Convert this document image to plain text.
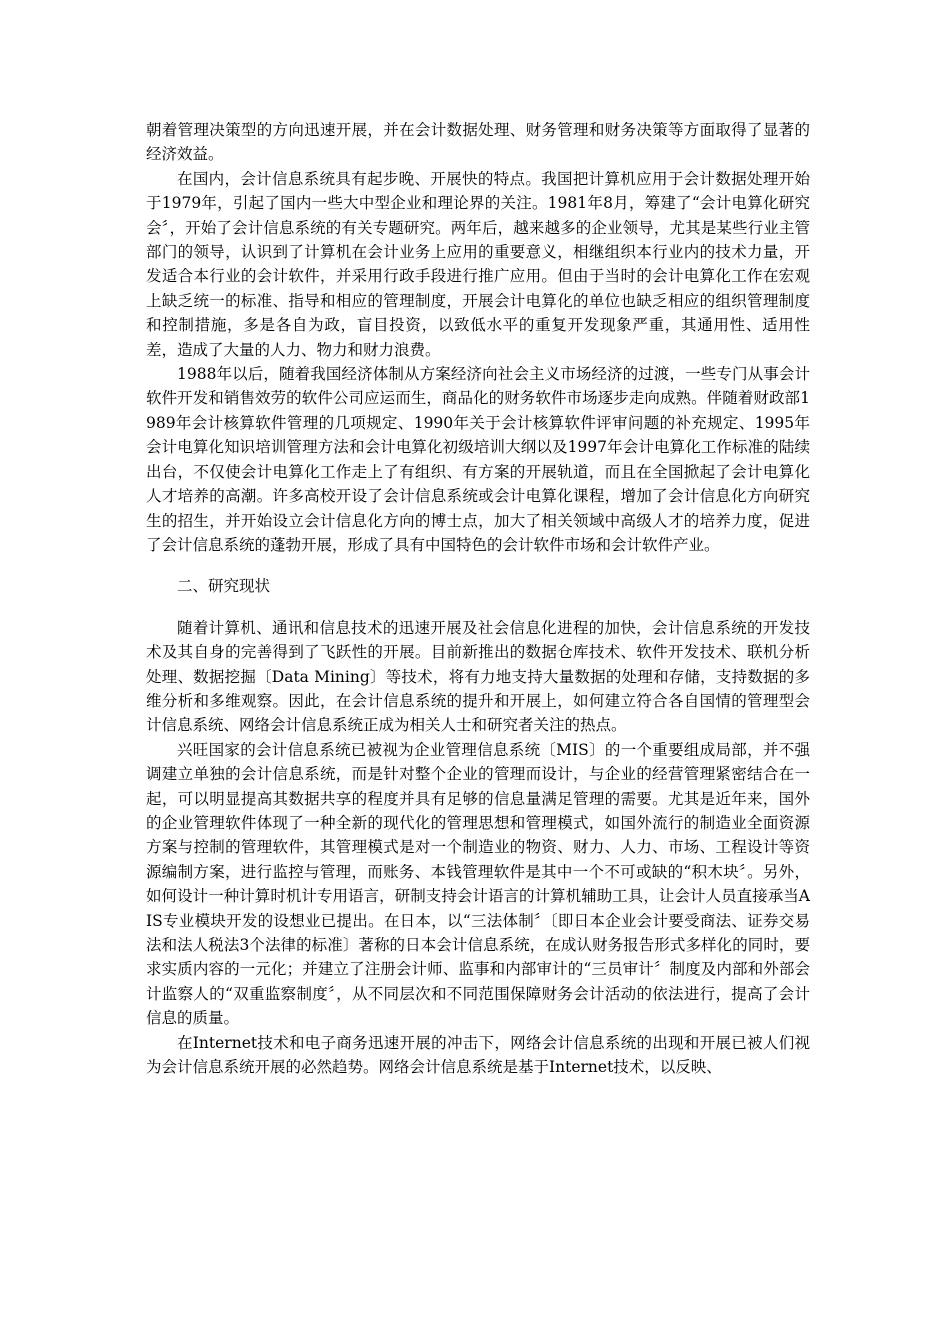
朝着管理决策型的方向迅速开展，并在会计数据处理、财务管理和财务决策等方面取得了显著的经济效益。

在国内，会计信息系统具有起步晚、开展快的特点。我国把计算机应用于会计数据处理开始于1979年，引起了国内一些大中型企业和理论界的关注。1981年8月，筹建了“会计电算化研究会〞，开始了会计信息系统的有关专题研究。两年后，越来越多的企业领导，尤其是某些行业主管部门的领导，认识到了计算机在会计业务上应用的重要意义，相继组织本行业内的技术力量，开发适合本行业的会计软件，并采用行政手段进行推广应用。但由于当时的会计电算化工作在宏观上缺乏统一的标准、指导和相应的管理制度，开展会计电算化的单位也缺乏相应的组织管理制度和控制措施，多是各自为政，盲目投资，以致低水平的重复开发现象严重，其通用性、适用性差，造成了大量的人力、物力和财力浪费。

1988年以后，随着我国经济体制从方案经济向社会主义市场经济的过渡，一些专门从事会计软件开发和销售效劳的软件公司应运而生，商品化的财务软件市场逐步走向成熟。伴随着财政部1989年会计核算软件管理的几项规定、1990年关于会计核算软件评审问题的补充规定、1995年会计电算化知识培训管理方法和会计电算化初级培训大纲以及1997年会计电算化工作标准的陆续出台，不仅使会计电算化工作走上了有组织、有方案的开展轨道，而且在全国掀起了会计电算化人才培养的高潮。许多高校开设了会计信息系统或会计电算化课程，增加了会计信息化方向研究生的招生，并开始设立会计信息化方向的博士点，加大了相关领域中高级人才的培养力度，促进了会计信息系统的蓬勃开展，形成了具有中国特色的会计软件市场和会计软件产业。

二、研究现状

随着计算机、通讯和信息技术的迅速开展及社会信息化进程的加快，会计信息系统的开发技术及其自身的完善得到了飞跃性的开展。目前新推出的数据仓库技术、软件开发技术、联机分析处理、数据挖掘〔Data Mining〕等技术，将有力地支持大量数据的处理和存储，支持数据的多维分析和多维观察。因此，在会计信息系统的提升和开展上，如何建立符合各自国情的管理型会计信息系统、网络会计信息系统正成为相关人士和研究者关注的热点。

兴旺国家的会计信息系统已被视为企业管理信息系统〔MIS〕的一个重要组成局部，并不强调建立单独的会计信息系统，而是针对整个企业的管理而设计，与企业的经营管理紧密结合在一起，可以明显提高其数据共享的程度并具有足够的信息量满足管理的需要。尤其是近年来，国外的企业管理软件体现了一种全新的现代化的管理思想和管理模式，如国外流行的制造业全面资源方案与控制的管理软件，其管理模式是对一个制造业的物资、财力、人力、市场、工程设计等资源编制方案，进行监控与管理，而账务、本钱管理软件是其中一个不可或缺的“积木块〞。另外，如何设计一种计算时机计专用语言，研制支持会计语言的计算机辅助工具，让会计人员直接承当AIS专业模块开发的设想业已提出。在日本，以“三法体制〞〔即日本企业会计要受商法、证券交易法和法人税法3个法律的标准〕著称的日本会计信息系统，在成认财务报告形式多样化的同时，要求实质内容的一元化；并建立了注册会计师、监事和内部审计的“三员审计〞制度及内部和外部会计监察人的“双重监察制度〞，从不同层次和不同范围保障财务会计活动的依法进行，提高了会计信息的质量。

在Internet技术和电子商务迅速开展的冲击下，网络会计信息系统的出现和开展已被人们视为会计信息系统开展的必然趋势。网络会计信息系统是基于Internet技术，以反映、
